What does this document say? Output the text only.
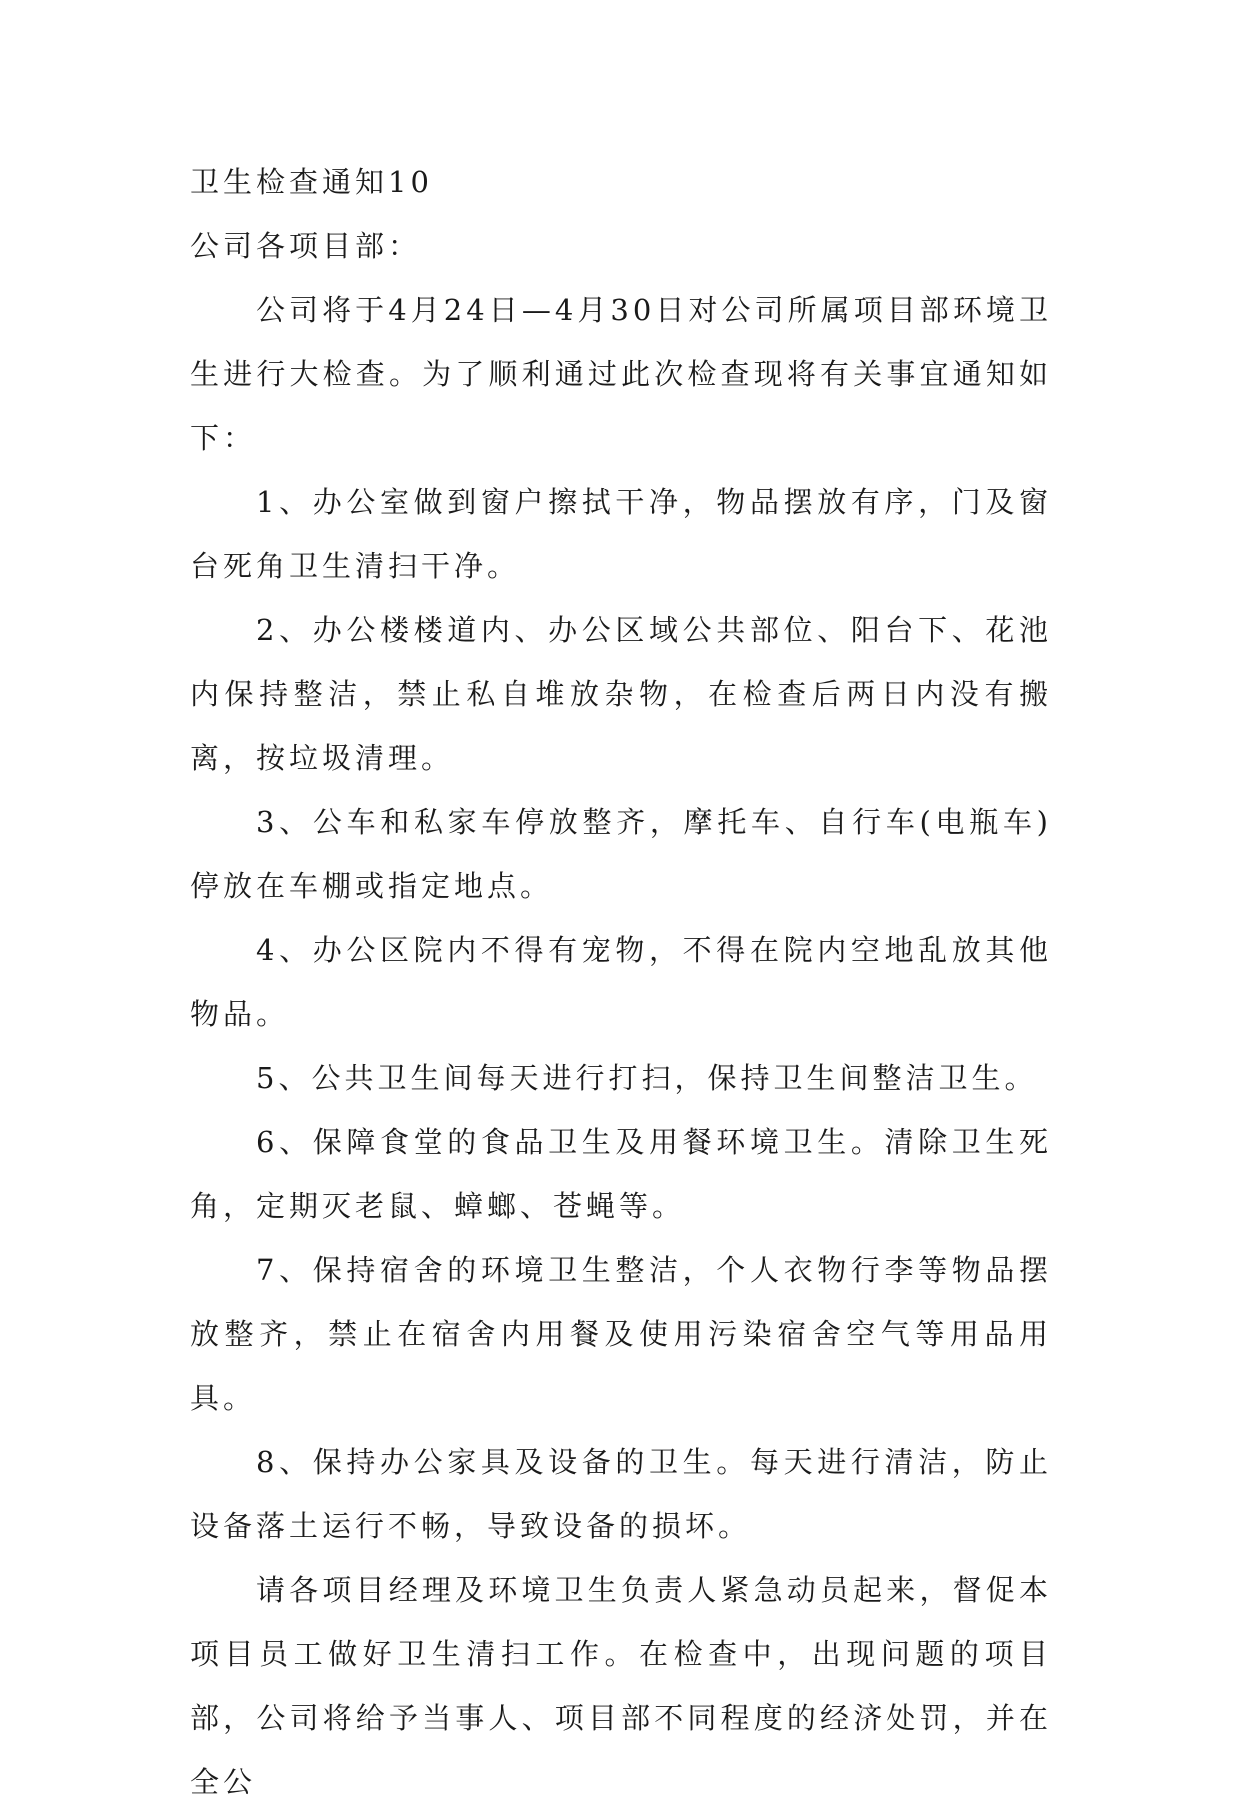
卫生检查通知10
公司各项目部：

公司将于4月24日—4月30日对公司所属项目部环境卫生进行大检查。为了顺利通过此次检查现将有关事宜通知如下：

1、办公室做到窗户擦拭干净，物品摆放有序，门及窗台死角卫生清扫干净。

2、办公楼楼道内、办公区域公共部位、阳台下、花池内保持整洁，禁止私自堆放杂物，在检查后两日内没有搬离，按垃圾清理。

3、公车和私家车停放整齐，摩托车、自行车(电瓶车)停放在车棚或指定地点。

4、办公区院内不得有宠物，不得在院内空地乱放其他物品。

5、公共卫生间每天进行打扫，保持卫生间整洁卫生。

6、保障食堂的食品卫生及用餐环境卫生。清除卫生死角，定期灭老鼠、蟑螂、苍蝇等。

7、保持宿舍的环境卫生整洁，个人衣物行李等物品摆放整齐，禁止在宿舍内用餐及使用污染宿舍空气等用品用具。

8、保持办公家具及设备的卫生。每天进行清洁，防止设备落土运行不畅，导致设备的损坏。

请各项目经理及环境卫生负责人紧急动员起来，督促本项目员工做好卫生清扫工作。在检查中，出现问题的项目部，公司将给予当事人、项目部不同程度的经济处罚，并在全公
